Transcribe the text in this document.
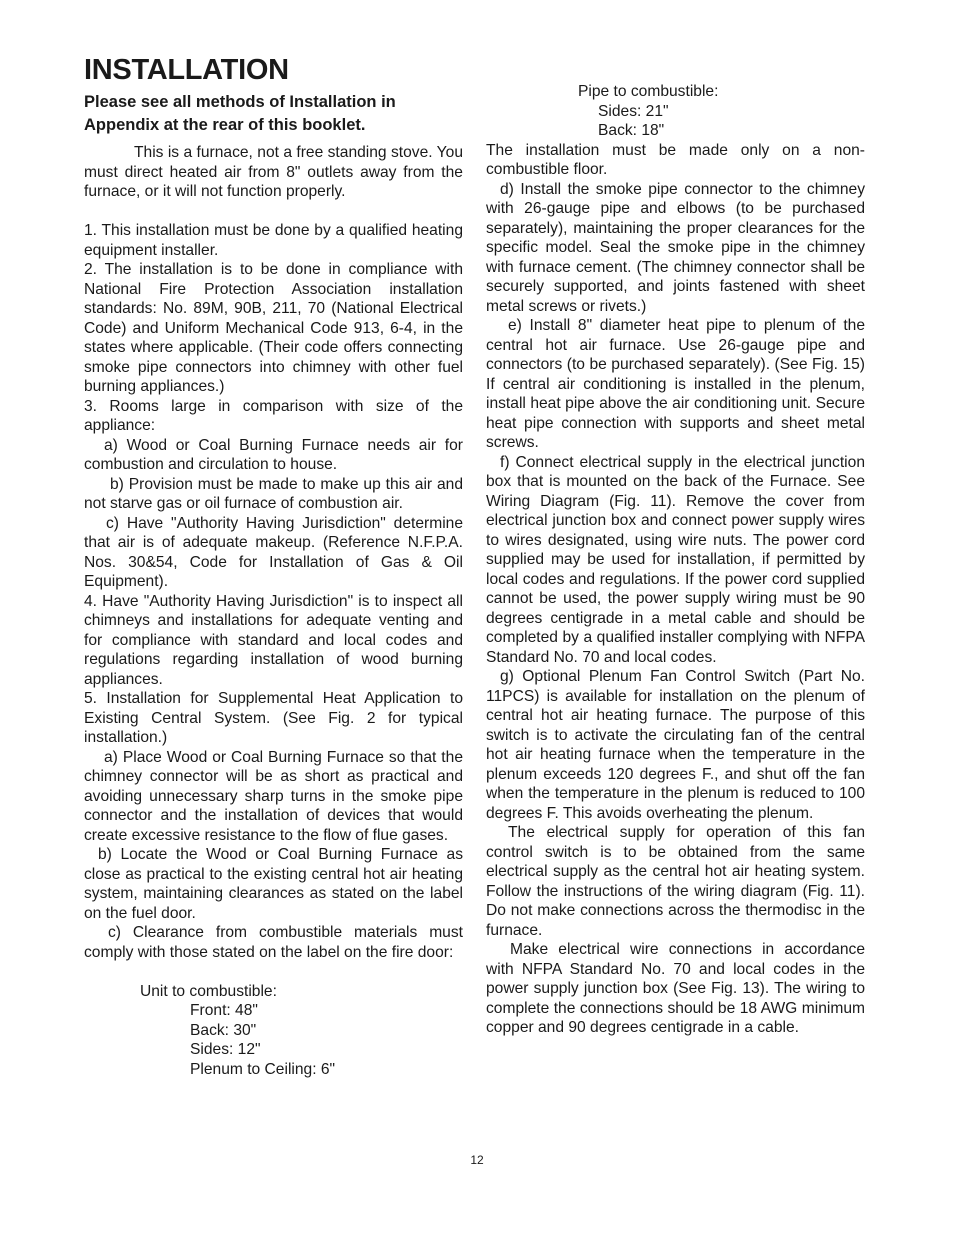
INSTALLATION

Please see all methods of Installation in Appendix at the rear of this booklet.

This is a furnace, not a free standing stove. You must direct heated air from 8" outlets away from the furnace, or it will not function properly.

1. This installation must be done by a qualified heating equipment installer.

2. The installation is to be done in compliance with National Fire Protection Association installation standards: No. 89M, 90B, 211, 70 (National Electrical Code) and Uniform Mechanical Code 913, 6-4, in the states where applicable. (Their code offers connecting smoke pipe connectors into chimney with other fuel burning appliances.)

3. Rooms large in comparison with size of the appliance:

a) Wood or Coal Burning Furnace needs air for combustion and circulation to house.

b) Provision must be made to make up this air and not starve gas or oil furnace of combustion air.

c) Have "Authority Having Jurisdiction" determine that air is of adequate makeup. (Reference N.F.P.A. Nos. 30&54, Code for Installation of Gas & Oil Equipment).

4. Have "Authority Having Jurisdiction" is to inspect all chimneys and installations for adequate venting and for compliance with standard and local codes and regulations regarding installation of wood burning appliances.

5. Installation for Supplemental Heat Application to Existing Central System. (See Fig. 2 for typical installation.)

a) Place Wood or Coal Burning Furnace so that the chimney connector will be as short as practical and avoiding unnecessary sharp turns in the smoke pipe connector and the installation of devices that would create excessive resistance to the flow of flue gases.

b) Locate the Wood or Coal Burning Furnace as close as practical to the existing central hot air heating system, maintaining clearances as stated on the label on the fuel door.

c) Clearance from combustible materials must comply with those stated on the label on the fire door:

Unit to combustible:

Front: 48"

Back: 30"

Sides: 12"

Plenum to Ceiling: 6"

Pipe to combustible:

Sides: 21"

Back: 18"

The installation must be made only on a non-combustible floor.

d) Install the smoke pipe connector to the chimney with 26-gauge pipe and elbows (to be purchased separately), maintaining the proper clearances for the specific model. Seal the smoke pipe in the chimney with furnace cement. (The chimney connector shall be securely supported, and joints fastened with sheet metal screws or rivets.)

e) Install 8" diameter heat pipe to plenum of the central hot air furnace. Use 26-gauge pipe and connectors (to be purchased separately). (See Fig. 15) If central air conditioning is installed in the plenum, install heat pipe above the air conditioning unit. Secure heat pipe connection with supports and sheet metal screws.

f) Connect electrical supply in the electrical junction box that is mounted on the back of the Furnace. See Wiring Diagram (Fig. 11). Remove the cover from electrical junction box and connect power supply wires to wires designated, using wire nuts. The power cord supplied may be used for installation, if permitted by local codes and regulations. If the power cord supplied cannot be used, the power supply wiring must be 90 degrees centigrade in a metal cable and should be completed by a qualified installer complying with NFPA Standard No. 70 and local codes.

g) Optional Plenum Fan Control Switch (Part No. 11PCS) is available for installation on the plenum of central hot air heating furnace. The purpose of this switch is to activate the circulating fan of the central hot air heating furnace when the temperature in the plenum exceeds 120 degrees F., and shut off the fan when the temperature in the plenum is reduced to 100 degrees F. This avoids overheating the plenum.

The electrical supply for operation of this fan control switch is to be obtained from the same electrical supply as the central hot air heating system. Follow the instructions of the wiring diagram (Fig. 11). Do not make connections across the thermodisc in the furnace.

Make electrical wire connections in accordance with NFPA Standard No. 70 and local codes in the power supply junction box (See Fig. 13). The wiring to complete the connections should be 18 AWG minimum copper and 90 degrees centigrade in a cable.

12
